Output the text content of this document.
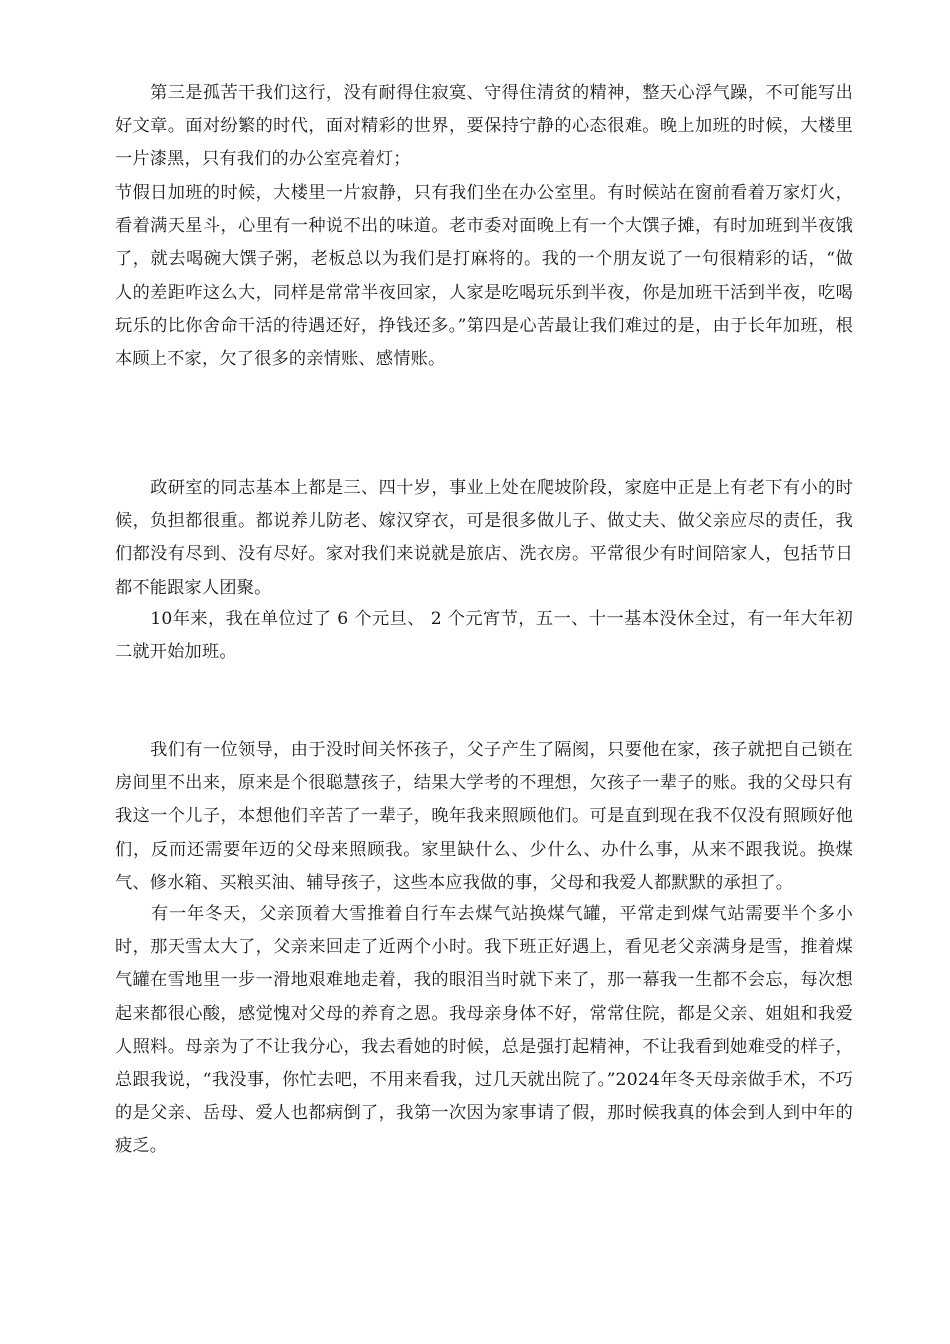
　　第三是孤苦干我们这行，没有耐得住寂寞、守得住清贫的精神，整天心浮气躁，不可能写出好文章。面对纷繁的时代，面对精彩的世界，要保持宁静的心态很难。晚上加班的时候，大楼里一片漆黑，只有我们的办公室亮着灯；

节假日加班的时候，大楼里一片寂静，只有我们坐在办公室里。有时候站在窗前看着万家灯火，看着满天星斗，心里有一种说不出的味道。老市委对面晚上有一个大馔子摊，有时加班到半夜饿了，就去喝碗大馔子粥，老板总以为我们是打麻将的。我的一个朋友说了一句很精彩的话，“做人的差距咋这么大，同样是常常半夜回家，人家是吃喝玩乐到半夜，你是加班干活到半夜，吃喝玩乐的比你舍命干活的待遇还好，挣钱还多。”第四是心苦最让我们难过的是，由于长年加班，根本顾上不家，欠了很多的亲情账、感情账。

　　政研室的同志基本上都是三、四十岁，事业上处在爬坡阶段，家庭中正是上有老下有小的时候，负担都很重。都说养儿防老、嫁汉穿衣，可是很多做儿子、做丈夫、做父亲应尽的责任，我们都没有尽到、没有尽好。家对我们来说就是旅店、洗衣房。平常很少有时间陪家人，包括节日都不能跟家人团聚。

　　10年来，我在单位过了 6 个元旦、 2 个元宵节，五一、十一基本没休全过，有一年大年初二就开始加班。

　　我们有一位领导，由于没时间关怀孩子，父子产生了隔阂，只要他在家，孩子就把自己锁在房间里不出来，原来是个很聪慧孩子，结果大学考的不理想，欠孩子一辈子的账。我的父母只有我这一个儿子，本想他们辛苦了一辈子，晚年我来照顾他们。可是直到现在我不仅没有照顾好他们，反而还需要年迈的父母来照顾我。家里缺什么、少什么、办什么事，从来不跟我说。换煤气、修水箱、买粮买油、辅导孩子，这些本应我做的事，父母和我爱人都默默的承担了。

　　有一年冬天，父亲顶着大雪推着自行车去煤气站换煤气罐，平常走到煤气站需要半个多小时，那天雪太大了，父亲来回走了近两个小时。我下班正好遇上，看见老父亲满身是雪，推着煤气罐在雪地里一步一滑地艰难地走着，我的眼泪当时就下来了，那一幕我一生都不会忘，每次想起来都很心酸，感觉愧对父母的养育之恩。我母亲身体不好，常常住院，都是父亲、姐姐和我爱人照料。母亲为了不让我分心，我去看她的时候，总是强打起精神，不让我看到她难受的样子，总跟我说，“我没事，你忙去吧，不用来看我，过几天就出院了。”2024年冬天母亲做手术，不巧的是父亲、岳母、爱人也都病倒了，我第一次因为家事请了假，那时候我真的体会到人到中年的疲乏。
